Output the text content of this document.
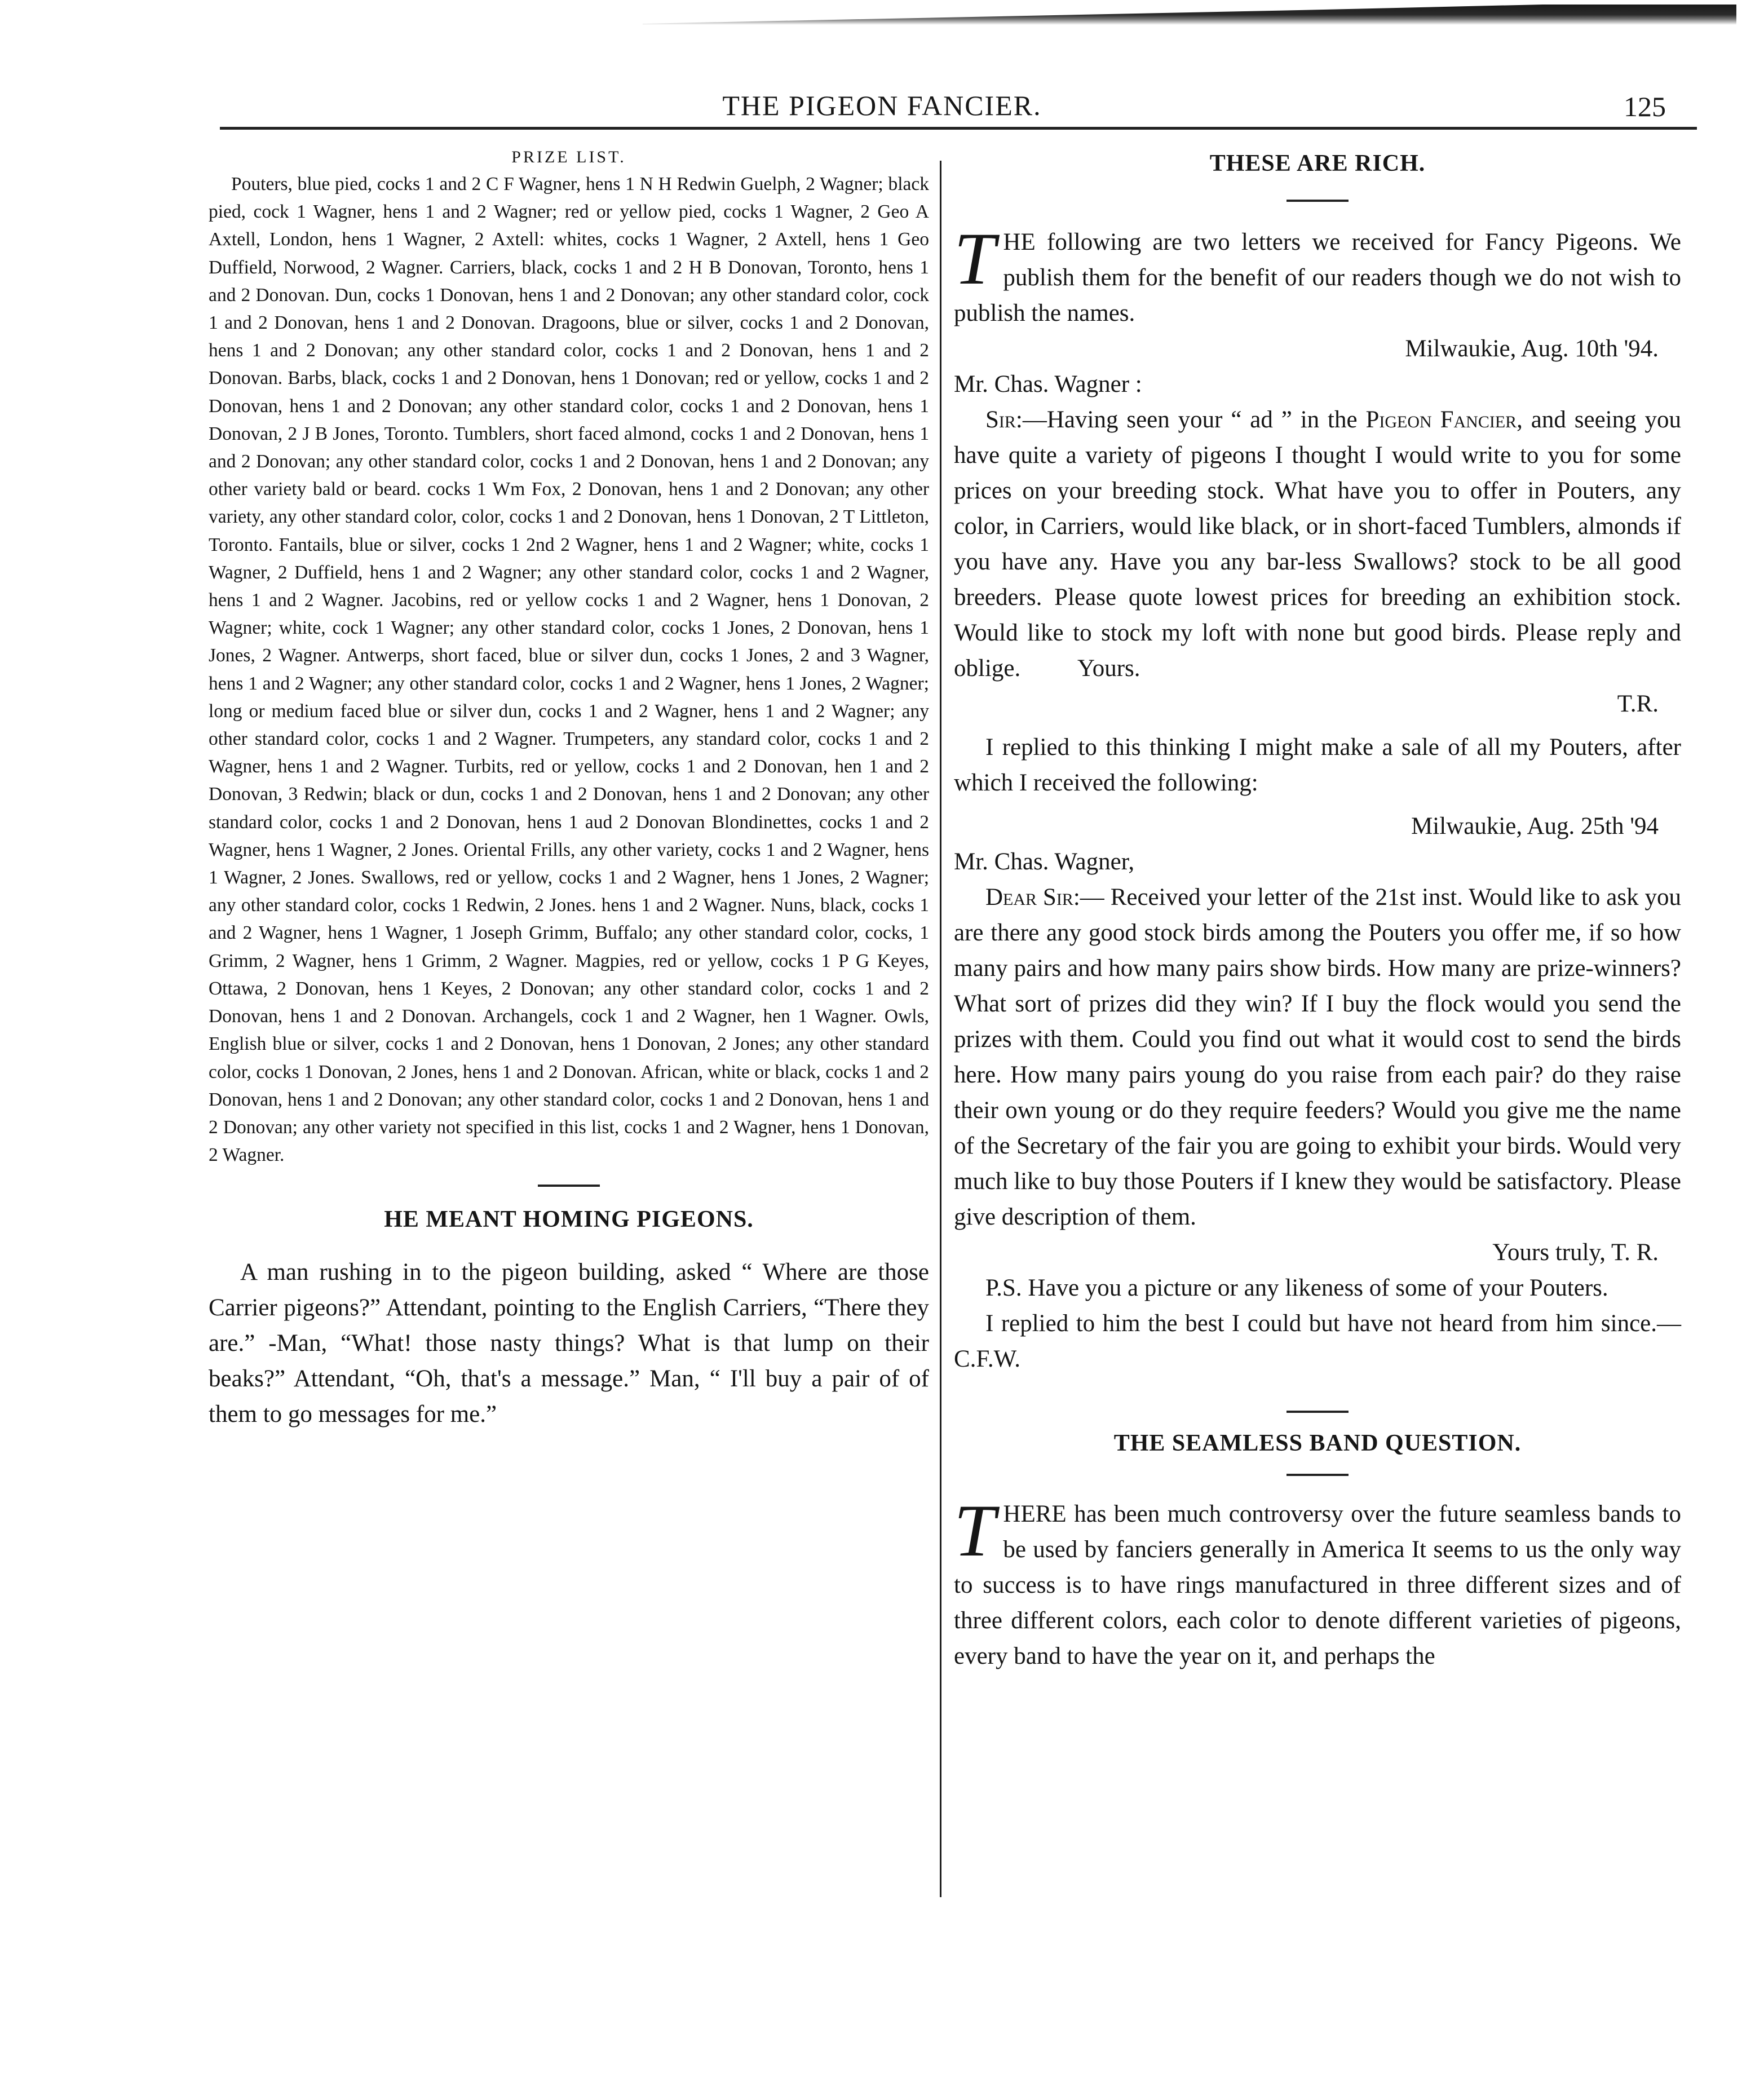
THE PIGEON FANCIER.	125
PRIZE LIST.

Pouters, blue pied, cocks 1 and 2 C F Wagner, hens 1 N H Redwin Guelph, 2 Wagner; black pied, cock 1 Wagner, hens 1 and 2 Wagner; red or yellow pied, cocks 1 Wagner, 2 Geo A Axtell, London, hens 1 Wagner, 2 Axtell: whites, cocks 1 Wagner, 2 Axtell, hens 1 Geo Duffield, Norwood, 2 Wagner. Carriers, black, cocks 1 and 2 H B Donovan, Toronto, hens 1 and 2 Donovan. Dun, cocks 1 Donovan, hens 1 and 2 Donovan; any other standard color, cock 1 and 2 Donovan, hens 1 and 2 Donovan. Dragoons, blue or silver, cocks 1 and 2 Donovan, hens 1 and 2 Donovan; any other standard color, cocks 1 and 2 Donovan, hens 1 and 2 Donovan. Barbs, black, cocks 1 and 2 Donovan, hens 1 Donovan; red or yellow, cocks 1 and 2 Donovan, hens 1 and 2 Donovan; any other standard color, cocks 1 and 2 Donovan, hens 1 Donovan, 2 J B Jones, Toronto. Tumblers, short faced almond, cocks 1 and 2 Donovan, hens 1 and 2 Donovan; any other standard color, cocks 1 and 2 Donovan, hens 1 and 2 Donovan; any other variety bald or beard. cocks 1 Wm Fox, 2 Donovan, hens 1 and 2 Donovan; any other variety, any other standard color, color, cocks 1 and 2 Donovan, hens 1 Donovan, 2 T Littleton, Toronto. Fantails, blue or silver, cocks 1 2nd 2 Wagner, hens 1 and 2 Wagner; white, cocks 1 Wagner, 2 Duffield, hens 1 and 2 Wagner; any other standard color, cocks 1 and 2 Wagner, hens 1 and 2 Wagner. Jacobins, red or yellow cocks 1 and 2 Wagner, hens 1 Donovan, 2 Wagner; white, cock 1 Wagner; any other standard color, cocks 1 Jones, 2 Donovan, hens 1 Jones, 2 Wagner. Antwerps, short faced, blue or silver dun, cocks 1 Jones, 2 and 3 Wagner, hens 1 and 2 Wagner; any other standard color, cocks 1 and 2 Wagner, hens 1 Jones, 2 Wagner; long or medium faced blue or silver dun, cocks 1 and 2 Wagner, hens 1 and 2 Wagner; any other standard color, cocks 1 and 2 Wagner. Trumpeters, any standard color, cocks 1 and 2 Wagner, hens 1 and 2 Wagner. Turbits, red or yellow, cocks 1 and 2 Donovan, hen 1 and 2 Donovan, 3 Redwin; black or dun, cocks 1 and 2 Donovan, hens 1 and 2 Donovan; any other standard color, cocks 1 and 2 Donovan, hens 1 aud 2 Donovan Blondinettes, cocks 1 and 2 Wagner, hens 1 Wagner, 2 Jones. Oriental Frills, any other variety, cocks 1 and 2 Wagner, hens 1 Wagner, 2 Jones. Swallows, red or yellow, cocks 1 and 2 Wagner, hens 1 Jones, 2 Wagner; any other standard color, cocks 1 Redwin, 2 Jones. hens 1 and 2 Wagner. Nuns, black, cocks 1 and 2 Wagner, hens 1 Wagner, 1 Joseph Grimm, Buffalo; any other standard color, cocks, 1 Grimm, 2 Wagner, hens 1 Grimm, 2 Wagner. Magpies, red or yellow, cocks 1 P G Keyes, Ottawa, 2 Donovan, hens 1 Keyes, 2 Donovan; any other standard color, cocks 1 and 2 Donovan, hens 1 and 2 Donovan. Archangels, cock 1 and 2 Wagner, hen 1 Wagner. Owls, English blue or silver, cocks 1 and 2 Donovan, hens 1 Donovan, 2 Jones; any other standard color, cocks 1 Donovan, 2 Jones, hens 1 and 2 Donovan. African, white or black, cocks 1 and 2 Donovan, hens 1 and 2 Donovan; any other standard color, cocks 1 and 2 Donovan, hens 1 and 2 Donovan; any other variety not specified in this list, cocks 1 and 2 Wagner, hens 1 Donovan, 2 Wagner.

HE MEANT HOMING PIGEONS.

A man rushing in to the pigeon building, asked “ Where are those Carrier pigeons?” Attendant, pointing to the English Carriers, “There they are.” -Man, “What! those nasty things? What is that lump on their beaks?” Attendant, “Oh, that's a message.” Man, “ I'll buy a pair of of them to go messages for me.”

THESE ARE RICH.

THE following are two letters we received for Fancy Pigeons. We publish them for the benefit of our readers though we do not wish to publish the names.

Milwaukie, Aug. 10th '94.

Mr. Chas. Wagner :

Sir:—Having seen your “ ad ” in the Pigeon Fancier, and seeing you have quite a variety of pigeons I thought I would write to you for some prices on your breeding stock. What have you to offer in Pouters, any color, in Carriers, would like black, or in short-faced Tumblers, almonds if you have any. Have you any bar-less Swallows? stock to be all good breeders. Please quote lowest prices for breeding an exhibition stock. Would like to stock my loft with none but good birds. Please reply and oblige. Yours.

T.R.

I replied to this thinking I might make a sale of all my Pouters, after which I received the following:

Milwaukie, Aug. 25th '94

Mr. Chas. Wagner,

Dear Sir:— Received your letter of the 21st inst. Would like to ask you are there any good stock birds among the Pouters you offer me, if so how many pairs and how many pairs show birds. How many are prize-winners? What sort of prizes did they win? If I buy the flock would you send the prizes with them. Could you find out what it would cost to send the birds here. How many pairs young do you raise from each pair? do they raise their own young or do they require feeders? Would you give me the name of the Secretary of the fair you are going to exhibit your birds. Would very much like to buy those Pouters if I knew they would be satisfactory. Please give description of them.

Yours truly, T. R.

P.S. Have you a picture or any likeness of some of your Pouters.

I replied to him the best I could but have not heard from him since.—C.F.W.

THE SEAMLESS BAND QUESTION.

THERE has been much controversy over the future seamless bands to be used by fanciers generally in America It seems to us the only way to success is to have rings manufactured in three different sizes and of three different colors, each color to denote different varieties of pigeons, every band to have the year on it, and perhaps the
